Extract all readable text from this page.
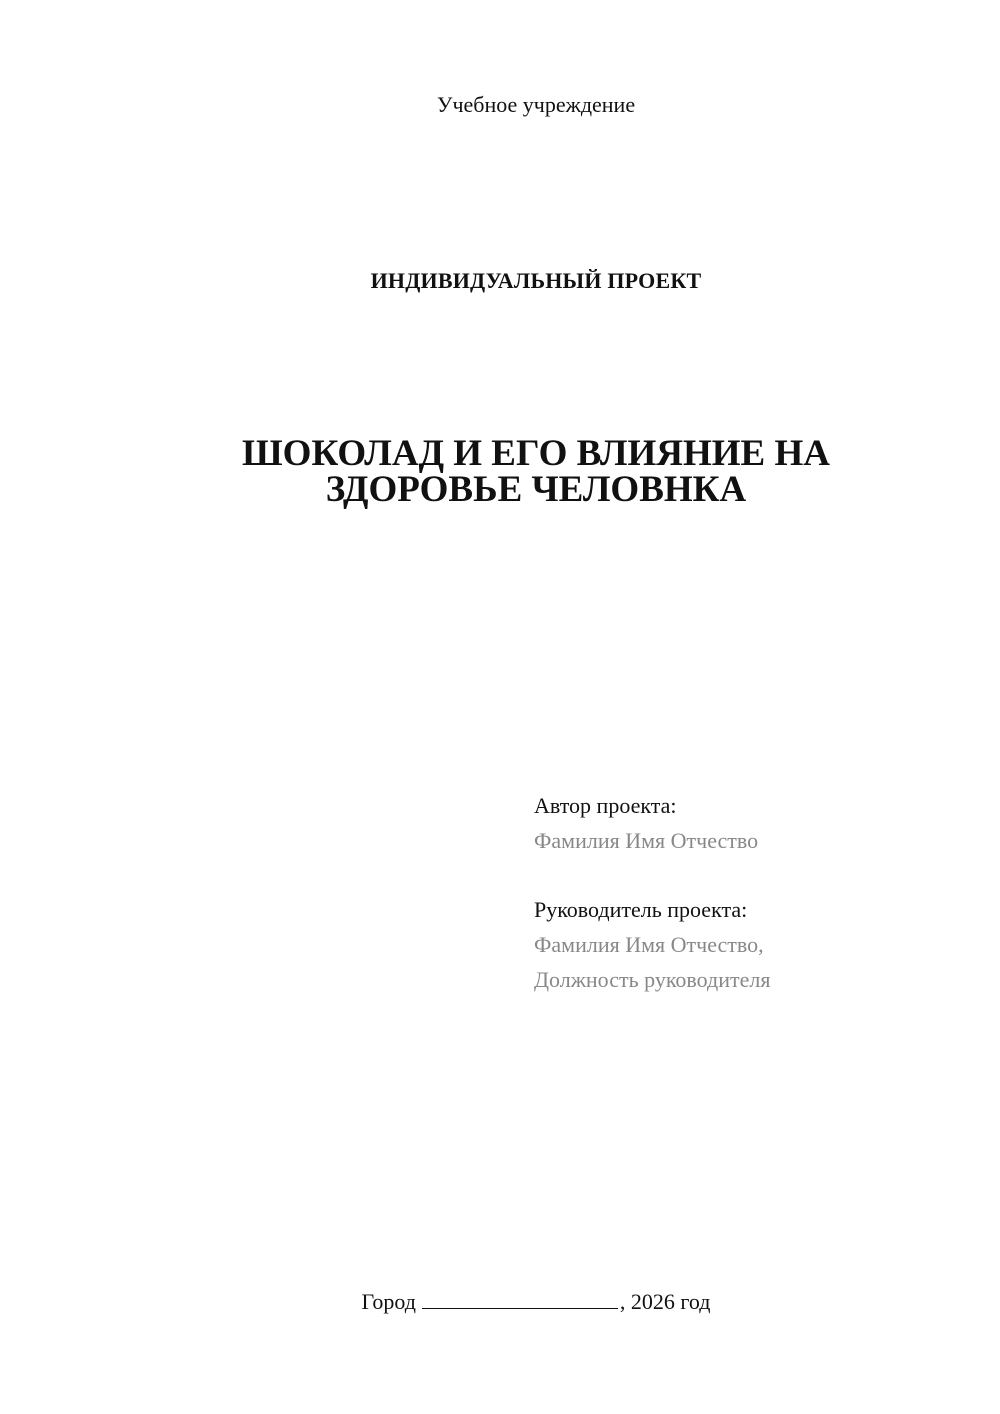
Учебное учреждение
ИНДИВИДУАЛЬНЫЙ ПРОЕКТ
ШОКОЛАД И ЕГО ВЛИЯНИЕ НА
ЗДОРОВЬЕ ЧЕЛОВНКА
Автор проекта:
Фамилия Имя Отчество
Руководитель проекта:
Фамилия Имя Отчество,
Должность руководителя
Город	, 2026 год
